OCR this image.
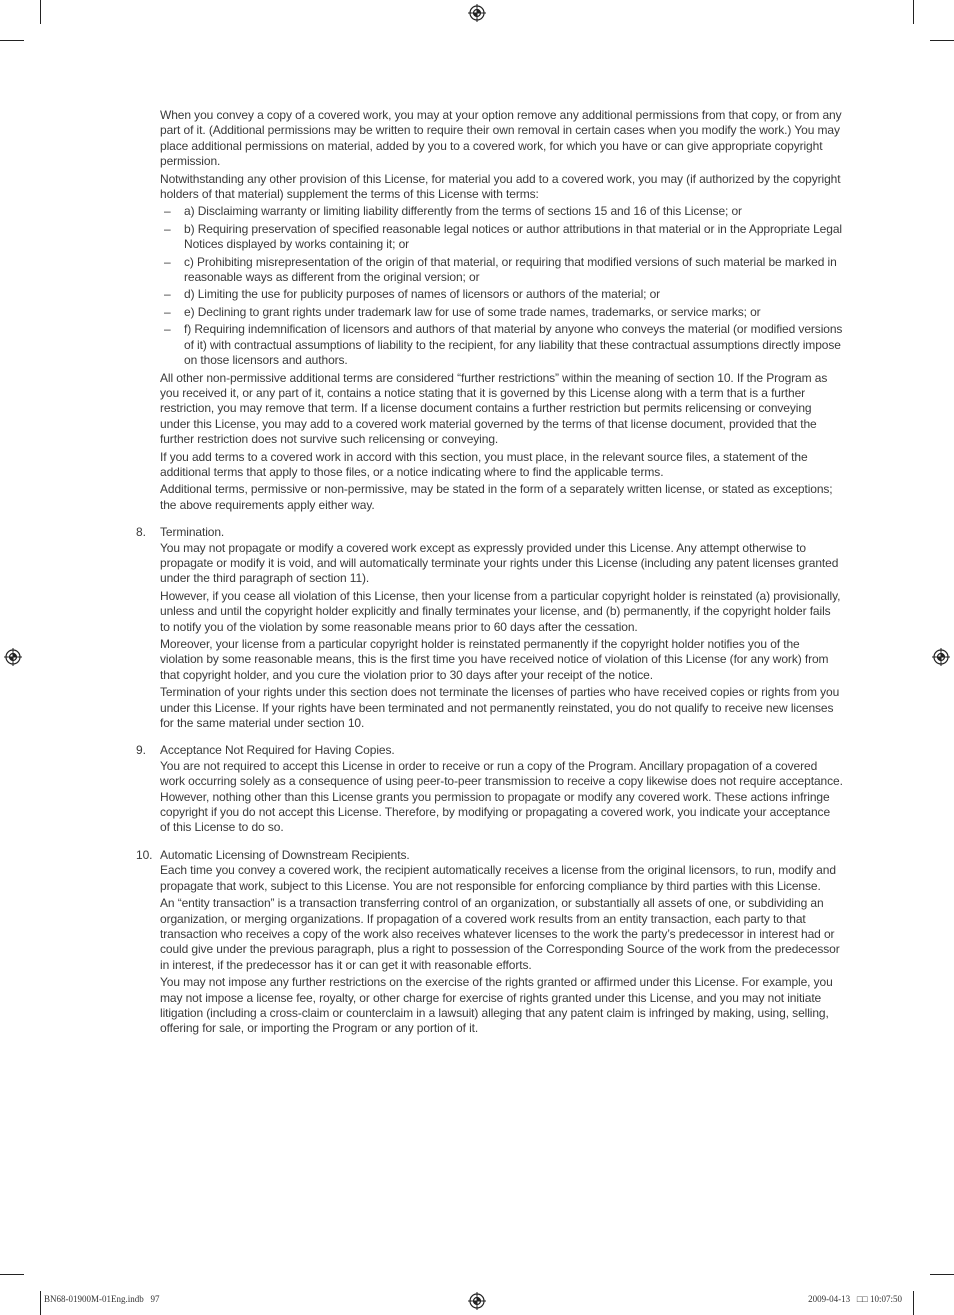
When you convey a copy of a covered work, you may at your option remove any additional permissions from that copy, or from any part of it. (Additional permissions may be written to require their own removal in certain cases when you modify the work.) You may place additional permissions on material, added by you to a covered work, for which you have or can give appropriate copyright permission.

Notwithstanding any other provision of this License, for material you add to a covered work, you may (if authorized by the copyright holders of that material) supplement the terms of this License with terms:

– a) Disclaiming warranty or limiting liability differently from the terms of sections 15 and 16 of this License; or
– b) Requiring preservation of specified reasonable legal notices or author attributions in that material or in the Appropriate Legal Notices displayed by works containing it; or
– c) Prohibiting misrepresentation of the origin of that material, or requiring that modified versions of such material be marked in reasonable ways as different from the original version; or
– d) Limiting the use for publicity purposes of names of licensors or authors of the material; or
– e) Declining to grant rights under trademark law for use of some trade names, trademarks, or service marks; or
– f) Requiring indemnification of licensors and authors of that material by anyone who conveys the material (or modified versions of it) with contractual assumptions of liability to the recipient, for any liability that these contractual assumptions directly impose on those licensors and authors.

All other non-permissive additional terms are considered “further restrictions” within the meaning of section 10. If the Program as you received it, or any part of it, contains a notice stating that it is governed by this License along with a term that is a further restriction, you may remove that term. If a license document contains a further restriction but permits relicensing or conveying under this License, you may add to a covered work material governed by the terms of that license document, provided that the further restriction does not survive such relicensing or conveying.

If you add terms to a covered work in accord with this section, you must place, in the relevant source files, a statement of the additional terms that apply to those files, or a notice indicating where to find the applicable terms.

Additional terms, permissive or non-permissive, may be stated in the form of a separately written license, or stated as exceptions; the above requirements apply either way.

8. Termination.

You may not propagate or modify a covered work except as expressly provided under this License. Any attempt otherwise to propagate or modify it is void, and will automatically terminate your rights under this License (including any patent licenses granted under the third paragraph of section 11).

However, if you cease all violation of this License, then your license from a particular copyright holder is reinstated (a) provisionally, unless and until the copyright holder explicitly and finally terminates your license, and (b) permanently, if the copyright holder fails to notify you of the violation by some reasonable means prior to 60 days after the cessation.

Moreover, your license from a particular copyright holder is reinstated permanently if the copyright holder notifies you of the violation by some reasonable means, this is the first time you have received notice of violation of this License (for any work) from that copyright holder, and you cure the violation prior to 30 days after your receipt of the notice.

Termination of your rights under this section does not terminate the licenses of parties who have received copies or rights from you under this License. If your rights have been terminated and not permanently reinstated, you do not qualify to receive new licenses for the same material under section 10.

9. Acceptance Not Required for Having Copies.

You are not required to accept this License in order to receive or run a copy of the Program. Ancillary propagation of a covered work occurring solely as a consequence of using peer-to-peer transmission to receive a copy likewise does not require acceptance. However, nothing other than this License grants you permission to propagate or modify any covered work. These actions infringe copyright if you do not accept this License. Therefore, by modifying or propagating a covered work, you indicate your acceptance of this License to do so.

10. Automatic Licensing of Downstream Recipients.

Each time you convey a covered work, the recipient automatically receives a license from the original licensors, to run, modify and propagate that work, subject to this License. You are not responsible for enforcing compliance by third parties with this License.

An “entity transaction” is a transaction transferring control of an organization, or substantially all assets of one, or subdividing an organization, or merging organizations. If propagation of a covered work results from an entity transaction, each party to that transaction who receives a copy of the work also receives whatever licenses to the work the party’s predecessor in interest had or could give under the previous paragraph, plus a right to possession of the Corresponding Source of the work from the predecessor in interest, if the predecessor has it or can get it with reasonable efforts.

You may not impose any further restrictions on the exercise of the rights granted or affirmed under this License. For example, you may not impose a license fee, royalty, or other charge for exercise of rights granted under this License, and you may not initiate litigation (including a cross-claim or counterclaim in a lawsuit) alleging that any patent claim is infringed by making, using, selling, offering for sale, or importing the Program or any portion of it.

BN68-01900M-01Eng.indb   97	2009-04-13   □□ 10:07:50
